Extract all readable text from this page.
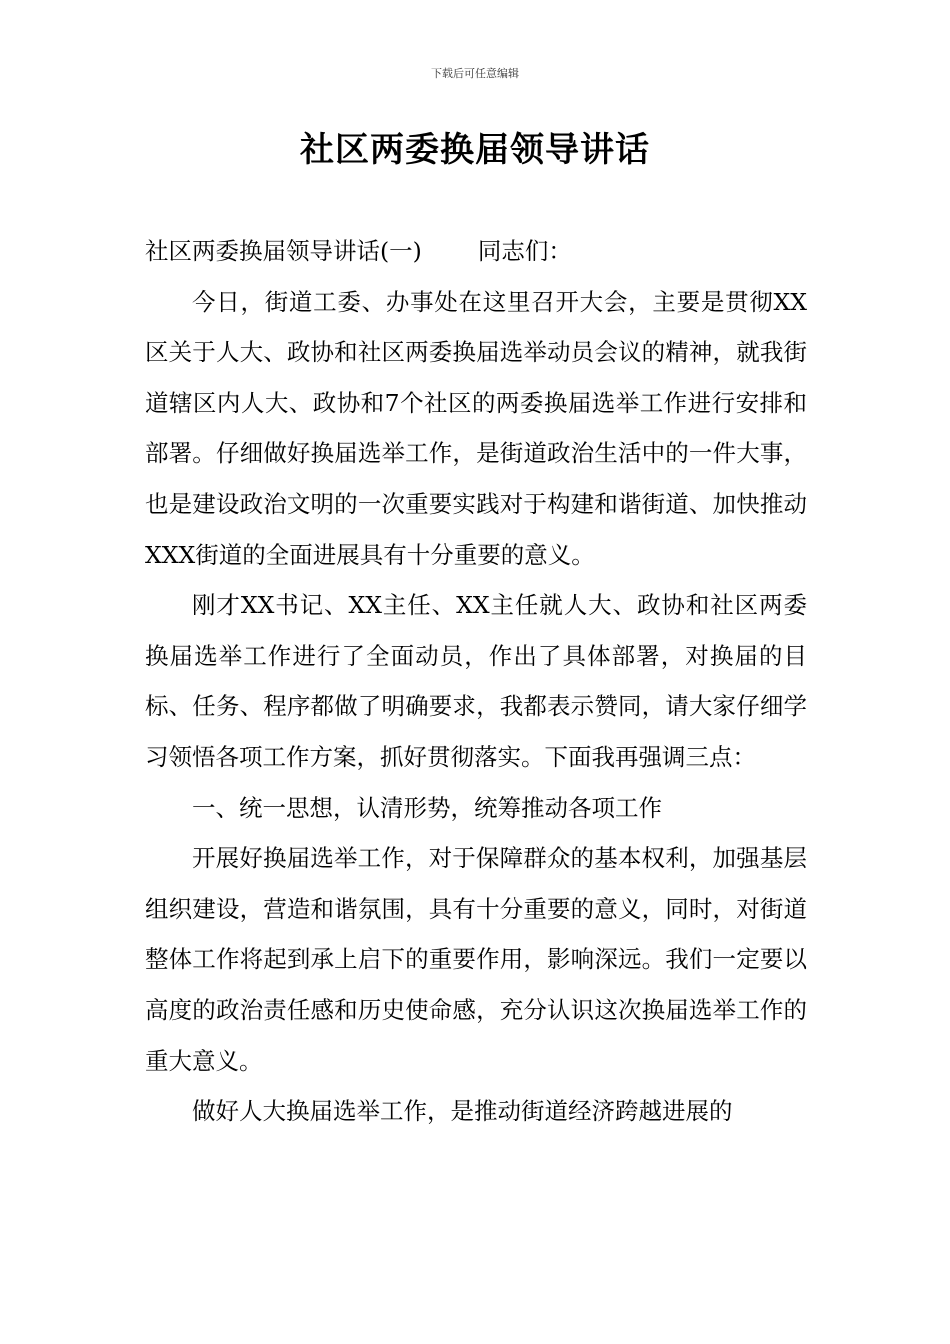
下载后可任意编辑
社区两委换届领导讲话

社区两委换届领导讲话(一) 同志们：

今日，街道工委、办事处在这里召开大会，主要是贯彻XX区关于人大、政协和社区两委换届选举动员会议的精神，就我街道辖区内人大、政协和7个社区的两委换届选举工作进行安排和部署。仔细做好换届选举工作，是街道政治生活中的一件大事，也是建设政治文明的一次重要实践对于构建和谐街道、加快推动XXX街道的全面进展具有十分重要的意义。

刚才XX书记、XX主任、XX主任就人大、政协和社区两委换届选举工作进行了全面动员，作出了具体部署，对换届的目标、任务、程序都做了明确要求，我都表示赞同，请大家仔细学习领悟各项工作方案，抓好贯彻落实。下面我再强调三点：

一、统一思想，认清形势，统筹推动各项工作

开展好换届选举工作，对于保障群众的基本权利，加强基层组织建设，营造和谐氛围，具有十分重要的意义，同时，对街道整体工作将起到承上启下的重要作用，影响深远。我们一定要以高度的政治责任感和历史使命感，充分认识这次换届选举工作的重大意义。

做好人大换届选举工作，是推动街道经济跨越进展的
